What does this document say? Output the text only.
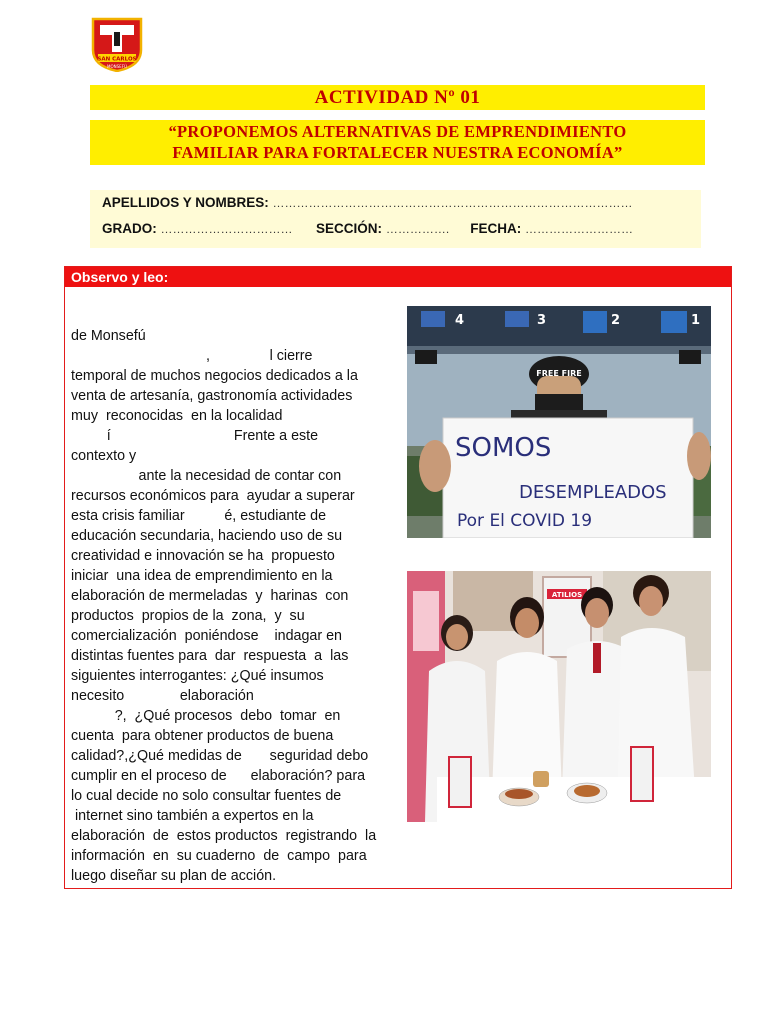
SAN CARLOS
MONSEFÚ
ACTIVIDAD Nº 01
“PROPONEMOS ALTERNATIVAS DE EMPRENDIMIENTO
FAMILIAR PARA FORTALECER NUESTRA ECONOMÍA”
APELLIDOS Y NOMBRES: ………………………………………………………………………………
GRADO: …………………………… SECCIÓN: …………….  FECHA: ………………………
Observo y leo:
de Monsefú
,               l cierre
temporal de muchos negocios dedicados a la
venta de artesanía, gastronomía actividades
muy  reconocidas  en la localidad
í                               Frente a este
contexto y
ante la necesidad de contar con
recursos económicos para  ayudar a superar
esta crisis familiar          é, estudiante de
educación secundaria, haciendo uso de su
creatividad e innovación se ha  propuesto
iniciar  una idea de emprendimiento en la
elaboración de mermeladas  y  harinas  con
productos  propios de la  zona,  y  su
comercialización  poniéndose    indagar en
distintas fuentes para  dar  respuesta  a  las
siguientes interrogantes: ¿Qué insumos
necesito              elaboración
?,  ¿Qué procesos  debo  tomar  en
cuenta  para obtener productos de buena
calidad?,¿Qué medidas de       seguridad debo
cumplir en el proceso de      elaboración? para
lo cual decide no solo consultar fuentes de
internet sino también a expertos en la
elaboración  de  estos productos  registrando  la
información  en  su cuaderno  de  campo  para
luego diseñar su plan de acción.
4	3	2	1
FREE FIRE
SOMOS
DESEMPLEADOS
Por El COVID 19
ATILIOS
